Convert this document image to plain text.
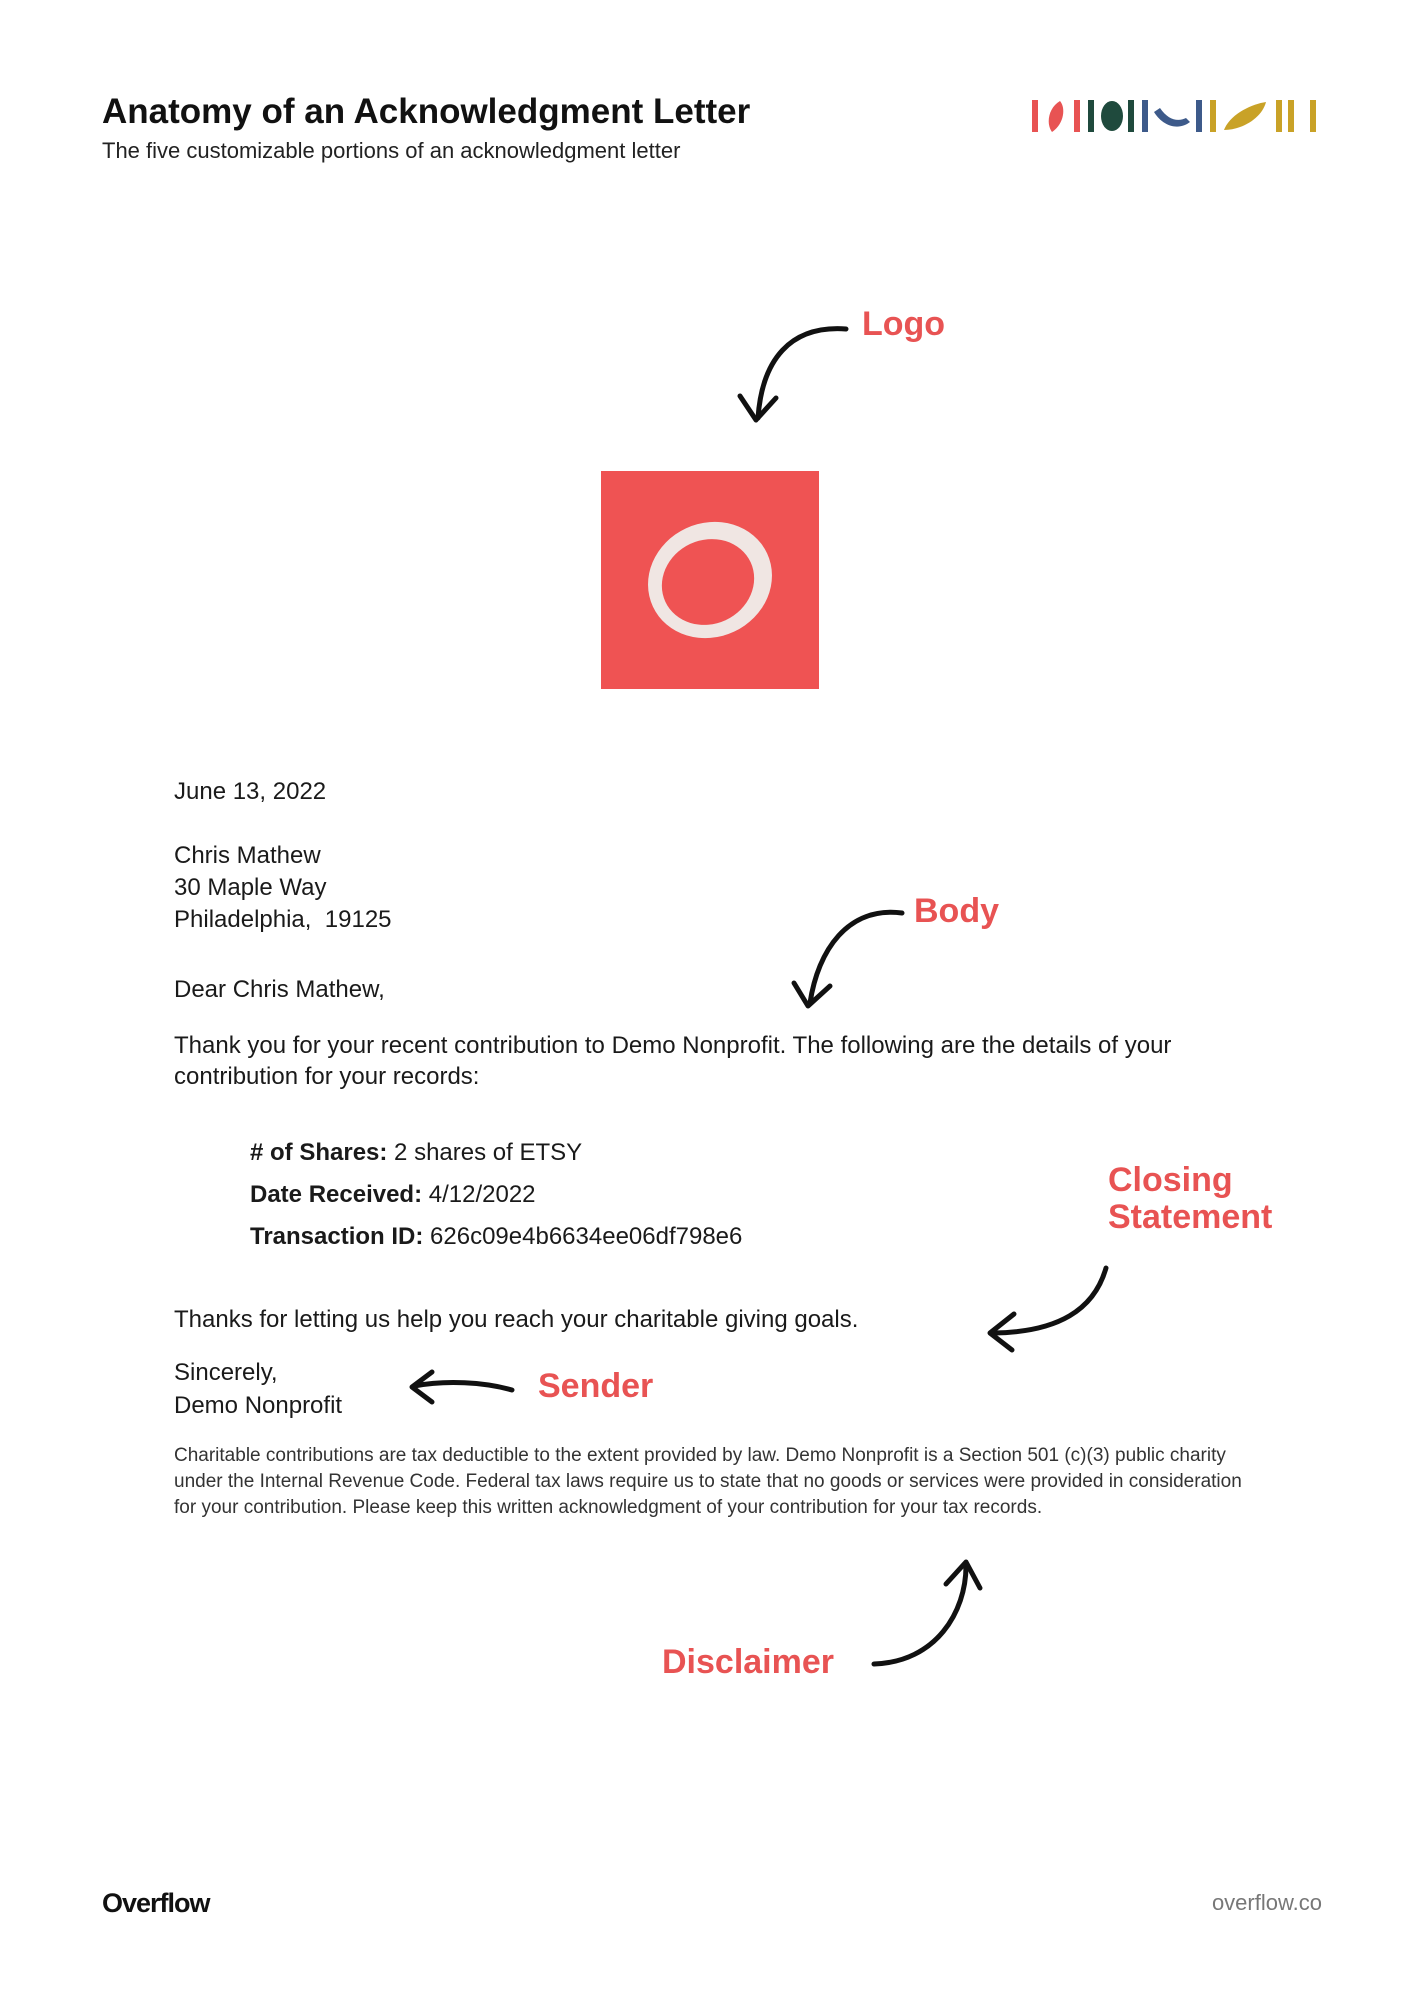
Anatomy of an Acknowledgment Letter
The five customizable portions of an acknowledgment letter
June 13, 2022
Chris Mathew
30 Maple Way
Philadelphia,  19125
Dear Chris Mathew,
Thank you for your recent contribution to Demo Nonprofit. The following are the details of your contribution for your records:
# of Shares: 2 shares of ETSY
Date Received: 4/12/2022
Transaction ID: 626c09e4b6634ee06df798e6
Thanks for letting us help you reach your charitable giving goals.
Sincerely,
Demo Nonprofit
Charitable contributions are tax deductible to the extent provided by law. Demo Nonprofit is a Section 501 (c)(3) public charity under the Internal Revenue Code. Federal tax laws require us to state that no goods or services were provided in consideration for your contribution. Please keep this written acknowledgment of your contribution for your tax records.
Logo
Body
Closing
Statement
Sender
Disclaimer
Overflow	overflow.co
